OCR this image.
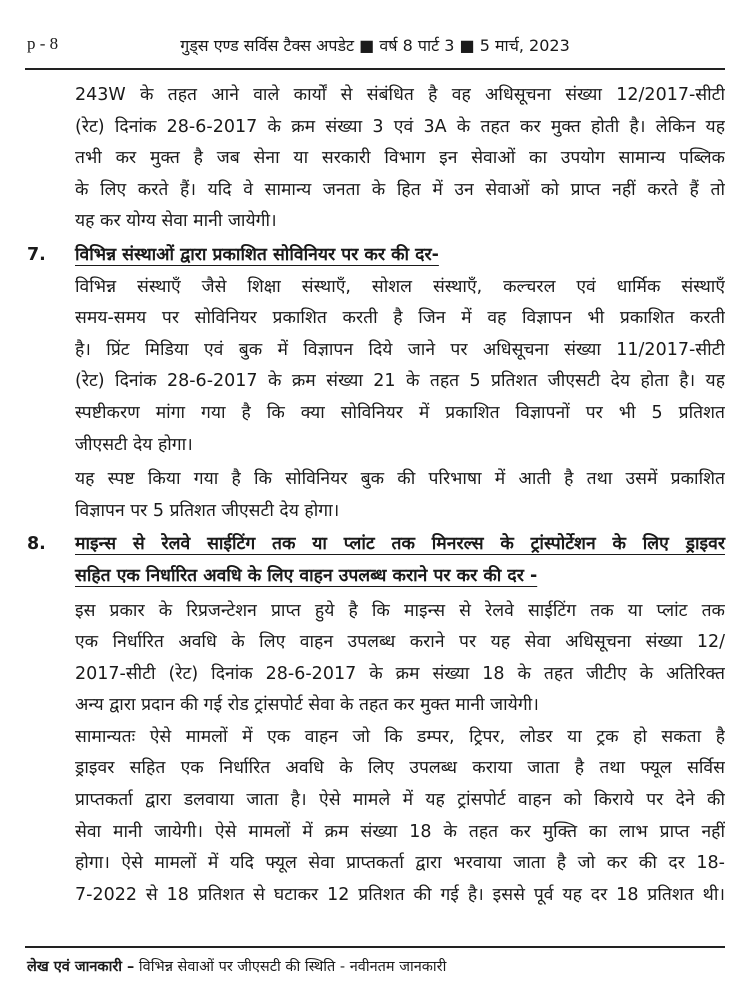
p - 8	गुड्स एण्ड सर्विस टैक्स अपडेट ■ वर्ष 8 पार्ट 3 ■ 5 मार्च, 2023
243W के तहत आने वाले कार्यों से संबंधित है वह अधिसूचना संख्या 12/2017-सीटी
(रेट) दिनांक 28-6-2017 के क्रम संख्या 3 एवं 3A के तहत कर मुक्त होती है। लेकिन यह
तभी कर मुक्त है जब सेना या सरकारी विभाग इन सेवाओं का उपयोग सामान्य पब्लिक
के लिए करते हैं। यदि वे सामान्य जनता के हित में उन सेवाओं को प्राप्त नहीं करते हैं तो
यह कर योग्य सेवा मानी जायेगी।
7. विभिन्न संस्थाओं द्वारा प्रकाशित सोविनियर पर कर की दर-
विभिन्न संस्थाएँ जैसे शिक्षा संस्थाएँ, सोशल संस्थाएँ, कल्चरल एवं धार्मिक संस्थाएँ
समय-समय पर सोविनियर प्रकाशित करती है जिन में वह विज्ञापन भी प्रकाशित करती
है। प्रिंट मिडिया एवं बुक में विज्ञापन दिये जाने पर अधिसूचना संख्या 11/2017-सीटी
(रेट) दिनांक 28-6-2017 के क्रम संख्या 21 के तहत 5 प्रतिशत जीएसटी देय होता है। यह
स्पष्टीकरण मांगा गया है कि क्या सोविनियर में प्रकाशित विज्ञापनों पर भी 5 प्रतिशत
जीएसटी देय होगा।
यह स्पष्ट किया गया है कि सोविनियर बुक की परिभाषा में आती है तथा उसमें प्रकाशित
विज्ञापन पर 5 प्रतिशत जीएसटी देय होगा।
8. माइन्स से रेलवे साईटिंग तक या प्लांट तक मिनरल्स के ट्रांस्पोर्टेशन के लिए ड्राइवर
सहित एक निर्धारित अवधि के लिए वाहन उपलब्ध कराने पर कर की दर -
इस प्रकार के रिप्रजन्टेशन प्राप्त हुये है कि माइन्स से रेलवे साईटिंग तक या प्लांट तक
एक निर्धारित अवधि के लिए वाहन उपलब्ध कराने पर यह सेवा अधिसूचना संख्या 12/
2017-सीटी (रेट) दिनांक 28-6-2017 के क्रम संख्या 18 के तहत जीटीए के अतिरिक्त
अन्य द्वारा प्रदान की गई रोड ट्रांसपोर्ट सेवा के तहत कर मुक्त मानी जायेगी।
सामान्यतः ऐसे मामलों में एक वाहन जो कि डम्पर, ट्रिपर, लोडर या ट्रक हो सकता है
ड्राइवर सहित एक निर्धारित अवधि के लिए उपलब्ध कराया जाता है तथा फ्यूल सर्विस
प्राप्तकर्ता द्वारा डलवाया जाता है। ऐसे मामले में यह ट्रांसपोर्ट वाहन को किराये पर देने की
सेवा मानी जायेगी। ऐसे मामलों में क्रम संख्या 18 के तहत कर मुक्ति का लाभ प्राप्त नहीं
होगा। ऐसे मामलों में यदि फ्यूल सेवा प्राप्तकर्ता द्वारा भरवाया जाता है जो कर की दर 18-
7-2022 से 18 प्रतिशत से घटाकर 12 प्रतिशत की गई है। इससे पूर्व यह दर 18 प्रतिशत थी।
लेख एवं जानकारी – विभिन्न सेवाओं पर जीएसटी की स्थिति - नवीनतम जानकारी
